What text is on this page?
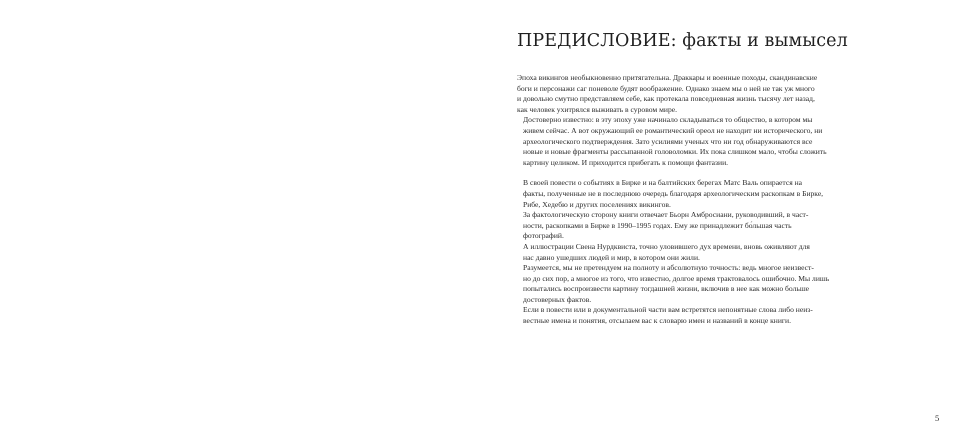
ПРЕДИСЛОВИЕ: факты и вымысел

Эпоха викингов необыкновенно притягательна. Драккары и военные походы, скандинавские
боги и персонажи саг поневоле будят воображение. Однако знаем мы о ней не так уж много
и довольно смутно представляем себе, как протекала повседневная жизнь тысячу лет назад,
как человек ухитрялся выживать в суровом мире.

Достоверно известно: в эту эпоху уже начинало складываться то общество, в котором мы
живем сейчас. А вот окружающий ее романтический ореол не находит ни исторического, ни
археологического подтверждения. Зато усилиями ученых что ни год обнаруживаются все
новые и новые фрагменты рассыпанной головоломки. Их пока слишком мало, чтобы сложить
картину целиком. И приходится прибегать к помощи фантазии.

В своей повести о событиях в Бирке и на балтийских берегах Матс Валь опирается на
факты, полученные не в последнюю очередь благодаря археологическим раскопкам в Бирке,
Рибе, Хедебю и других поселениях викингов.

За фактологическую сторону книги отвечает Бьорн Амбросиани, руководивший, в част-
ности, раскопками в Бирке в 1990–1995 годах. Ему же принадлежит бо́льшая часть
фотографий.

А иллюстрации Свена Нурдквиста, точно уловившего дух времени, вновь оживляют для
нас давно ушедших людей и мир, в котором они жили.

Разумеется, мы не претендуем на полноту и абсолютную точность: ведь многое неизвест-
но до сих пор, а многое из того, что известно, долгое время трактовалось ошибочно. Мы лишь
попытались воспроизвести картину тогдашней жизни, включив в нее как можно больше
достоверных фактов.

Если в повести или в документальной части вам встретятся непонятные слова либо неиз-
вестные имена и понятия, отсылаем вас к словарю имен и названий в конце книги.

5
